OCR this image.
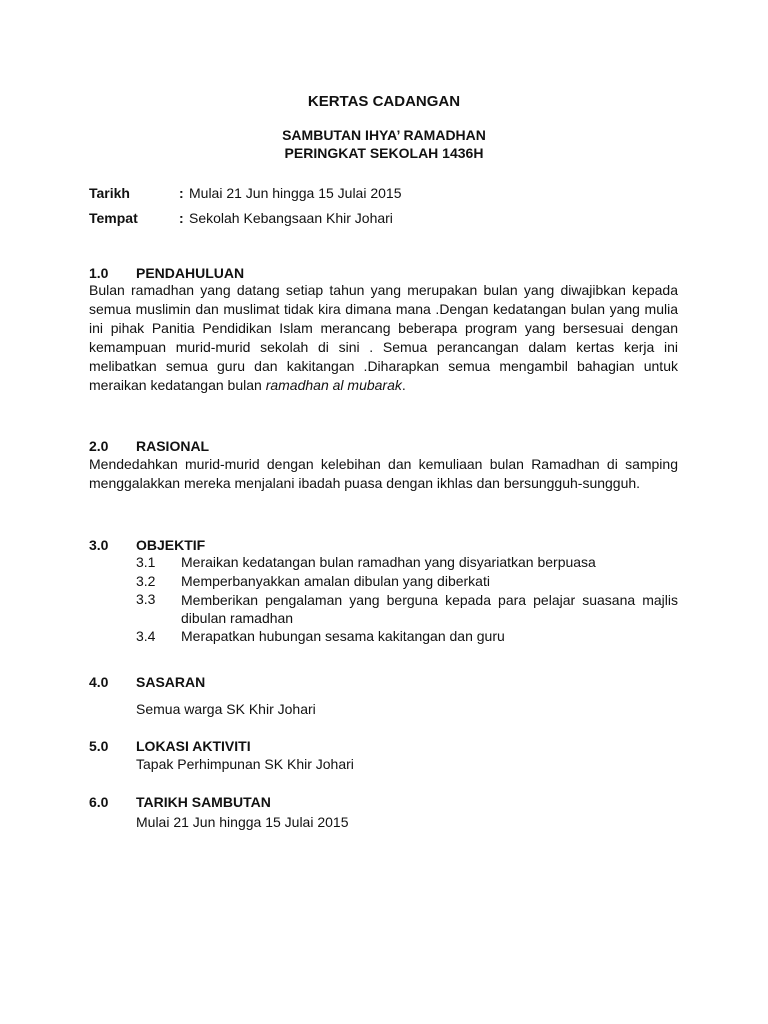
KERTAS CADANGAN
SAMBUTAN IHYA’ RAMADHAN
PERINGKAT SEKOLAH 1436H
Tarikh	: Mulai 21 Jun hingga 15 Julai 2015
Tempat	: Sekolah Kebangsaan Khir Johari
1.0 PENDAHULUAN
Bulan ramadhan yang datang setiap tahun yang merupakan bulan yang diwajibkan kepada semua muslimin dan muslimat tidak kira dimana mana .Dengan kedatangan bulan yang mulia ini pihak Panitia Pendidikan Islam merancang beberapa program yang bersesuai dengan kemampuan murid-murid sekolah di sini . Semua perancangan dalam kertas kerja ini melibatkan semua guru dan kakitangan .Diharapkan semua mengambil bahagian untuk meraikan kedatangan bulan ramadhan al mubarak.
2.0 RASIONAL
Mendedahkan murid-murid dengan kelebihan dan kemuliaan bulan Ramadhan di samping menggalakkan mereka menjalani ibadah puasa dengan ikhlas dan bersungguh-sungguh.
3.0 OBJEKTIF
3.1 Meraikan kedatangan bulan ramadhan yang disyariatkan berpuasa
3.2 Memperbanyakkan amalan dibulan yang diberkati
3.3 Memberikan pengalaman yang berguna kepada para pelajar suasana majlis dibulan ramadhan
3.4 Merapatkan hubungan sesama kakitangan dan guru
4.0 SASARAN
Semua warga SK Khir Johari
5.0 LOKASI AKTIVITI
Tapak Perhimpunan SK Khir Johari
6.0 TARIKH SAMBUTAN
Mulai 21 Jun hingga 15 Julai 2015
